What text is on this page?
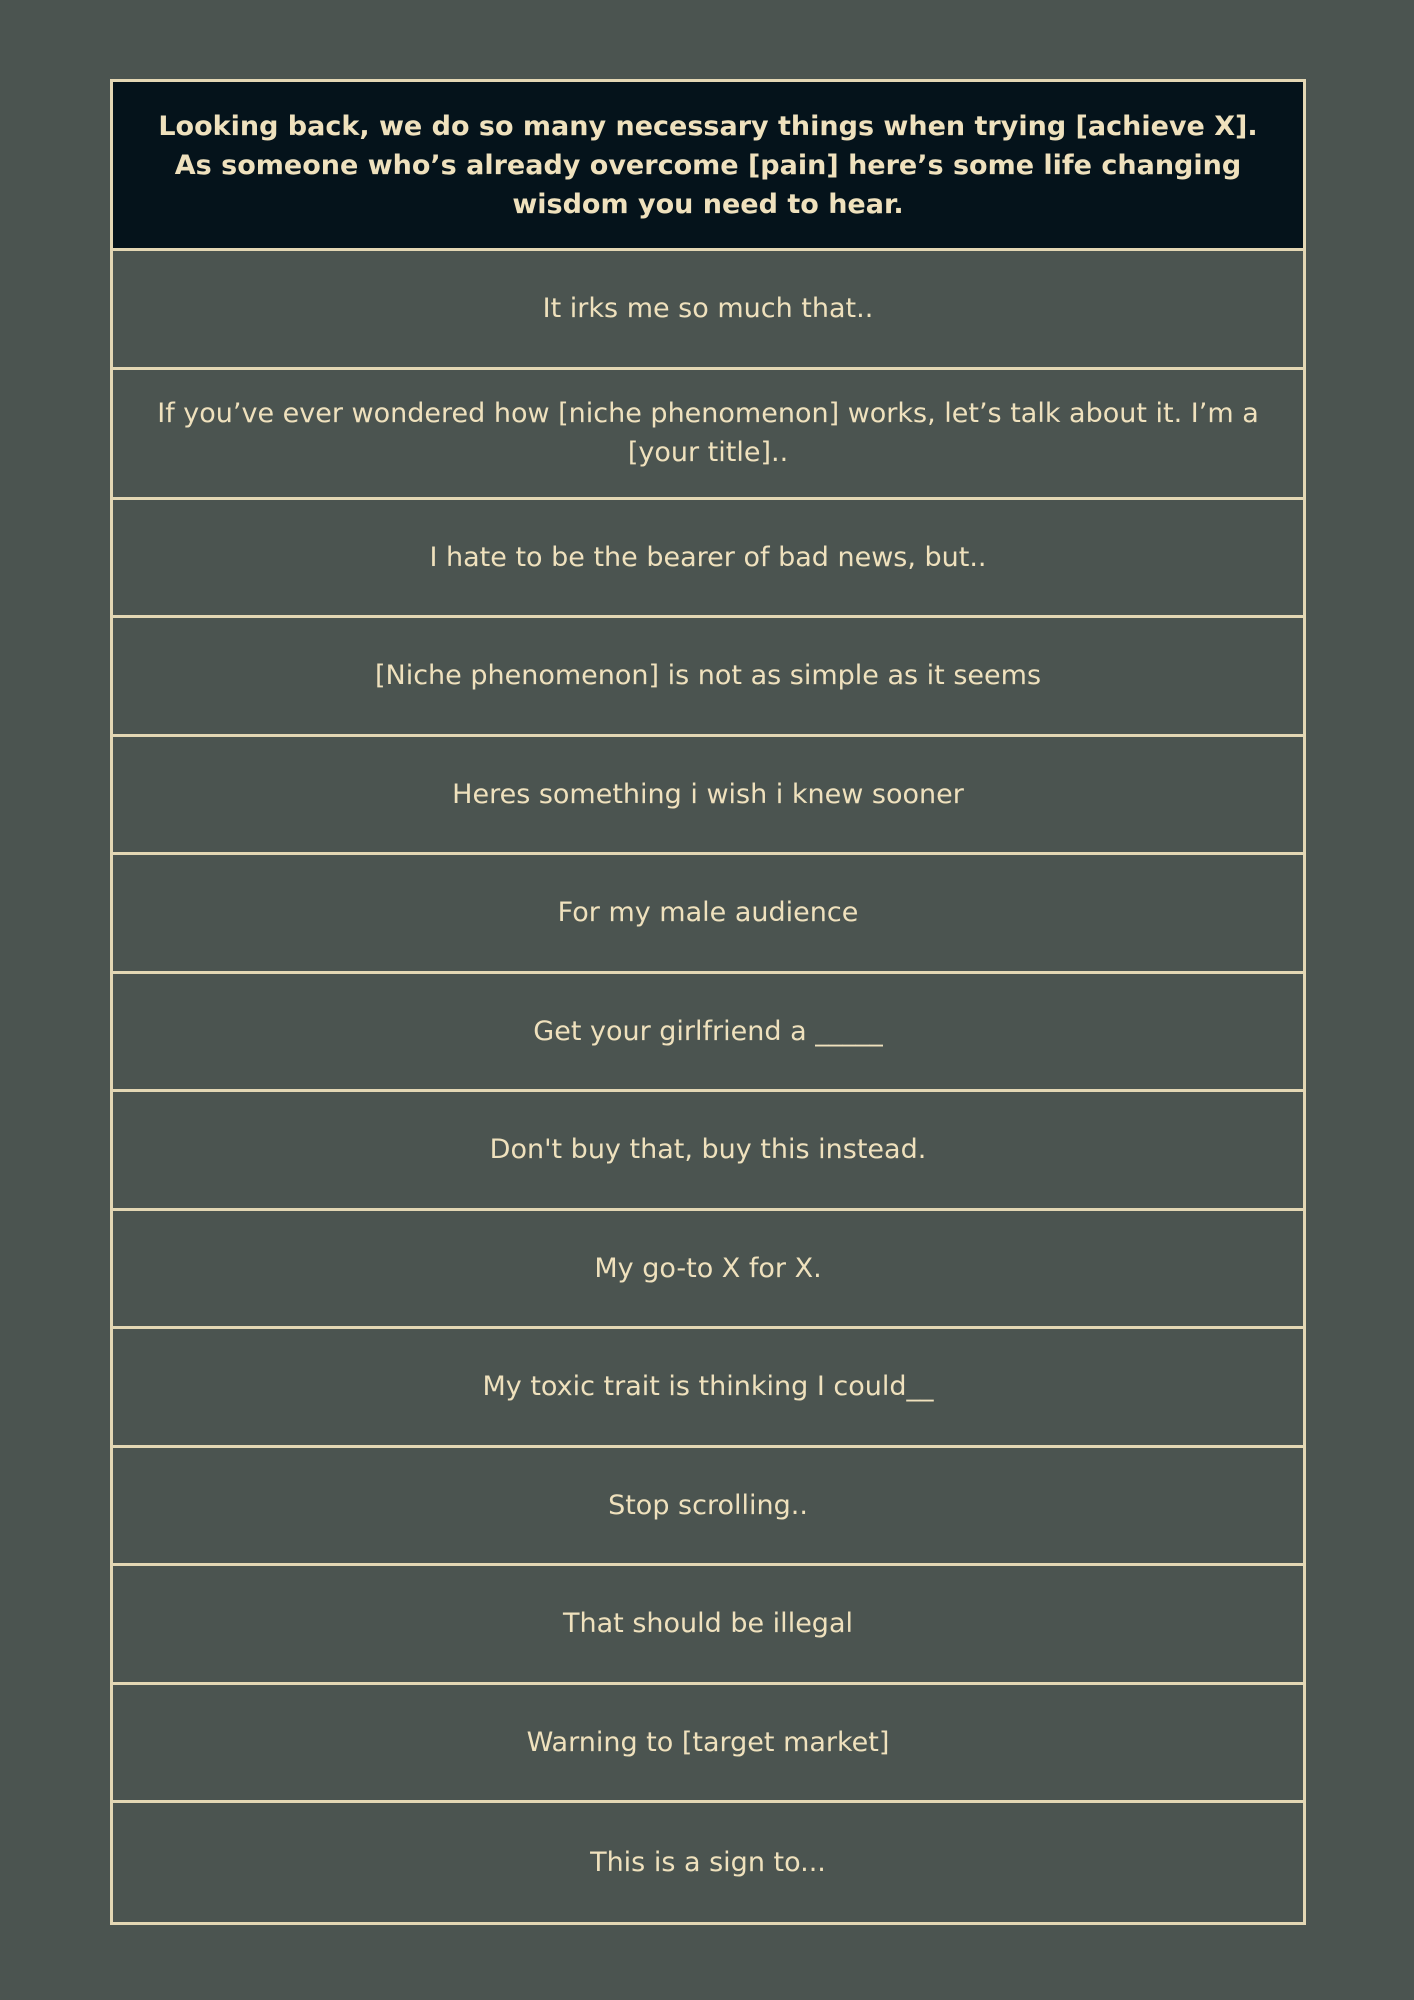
Looking back, we do so many necessary things when trying [achieve X]. As someone who’s already overcome [pain] here’s some life changing wisdom you need to hear.
It irks me so much that..
If you’ve ever wondered how [niche phenomenon] works, let’s talk about it. I’m a [your title]..
I hate to be the bearer of bad news, but..
[Niche phenomenon] is not as simple as it seems
Heres something i wish i knew sooner
For my male audience
Get your girlfriend a _____
Don't buy that, buy this instead.
My go-to X for X.
My toxic trait is thinking I could__
Stop scrolling..
That should be illegal
Warning to [target market]
This is a sign to...
